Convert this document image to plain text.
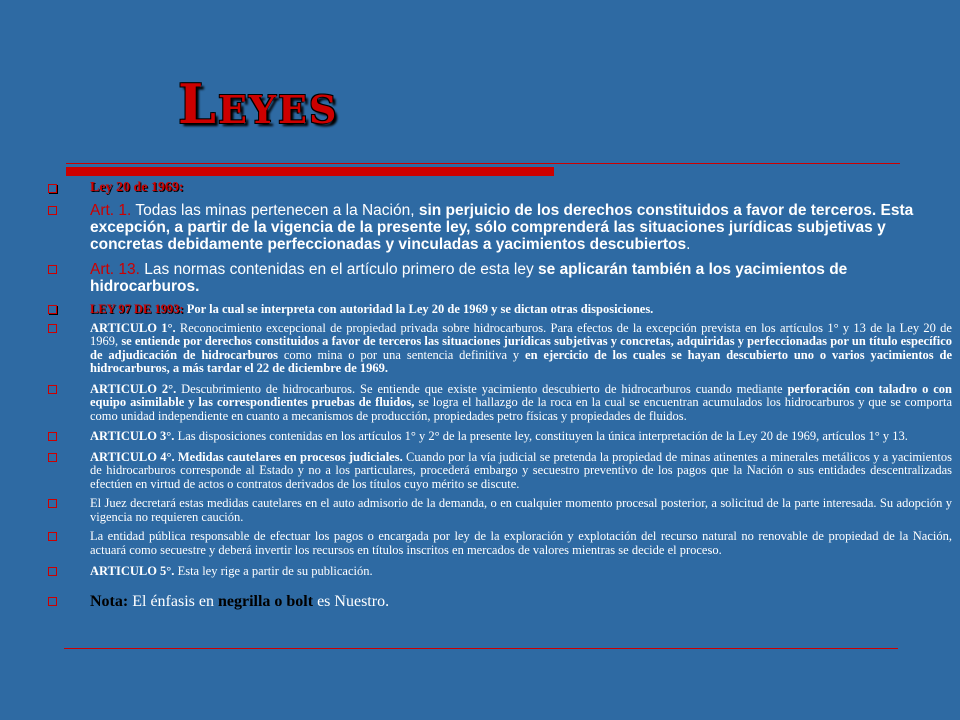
Leyes
Ley 20 de 1969:
Art. 1. Todas las minas pertenecen a la Nación, sin perjuicio de los derechos constituidos a favor de terceros. Esta excepción, a partir de la vigencia de la presente ley, sólo comprenderá las situaciones jurídicas subjetivas y concretas debidamente perfeccionadas y vinculadas a yacimientos descubiertos.
Art. 13. Las normas contenidas en el artículo primero de esta ley se aplicarán también a los yacimientos de hidrocarburos.
LEY 97 DE 1993: Por la cual se interpreta con autoridad la Ley 20 de 1969 y se dictan otras disposiciones.
ARTICULO 1°. Reconocimiento excepcional de propiedad privada sobre hidrocarburos. Para efectos de la excepción prevista en los artículos 1° y 13 de la Ley 20 de 1969, se entiende por derechos constituidos a favor de terceros las situaciones jurídicas subjetivas y concretas, adquiridas y perfeccionadas por un título específico de adjudicación de hidrocarburos como mina o por una sentencia definitiva y en ejercicio de los cuales se hayan descubierto uno o varios yacimientos de hidrocarburos, a más tardar el 22 de diciembre de 1969.
ARTICULO 2°. Descubrimiento de hidrocarburos. Se entiende que existe yacimiento descubierto de hidrocarburos cuando mediante perforación con taladro o con equipo asimilable y las correspondientes pruebas de fluidos, se logra el hallazgo de la roca en la cual se encuentran acumulados los hidrocarburos y que se comporta como unidad independiente en cuanto a mecanismos de producción, propiedades petro físicas y propiedades de fluidos.
ARTICULO 3°. Las disposiciones contenidas en los artículos 1° y 2° de la presente ley, constituyen la única interpretación de la Ley 20 de 1969, artículos 1° y 13.
ARTICULO 4°. Medidas cautelares en procesos judiciales. Cuando por la vía judicial se pretenda la propiedad de minas atinentes a minerales metálicos y a yacimientos de hidrocarburos corresponde al Estado y no a los particulares, procederá embargo y secuestro preventivo de los pagos que la Nación o sus entidades descentralizadas efectúen en virtud de actos o contratos derivados de los títulos cuyo mérito se discute.
El Juez decretará estas medidas cautelares en el auto admisorio de la demanda, o en cualquier momento procesal posterior, a solicitud de la parte interesada. Su adopción y vigencia no requieren caución.
La entidad pública responsable de efectuar los pagos o encargada por ley de la exploración y explotación del recurso natural no renovable de propiedad de la Nación, actuará como secuestre y deberá invertir los recursos en títulos inscritos en mercados de valores mientras se decide el proceso.
ARTICULO 5°. Esta ley rige a partir de su publicación.
Nota: El énfasis en negrilla o bolt es Nuestro.
